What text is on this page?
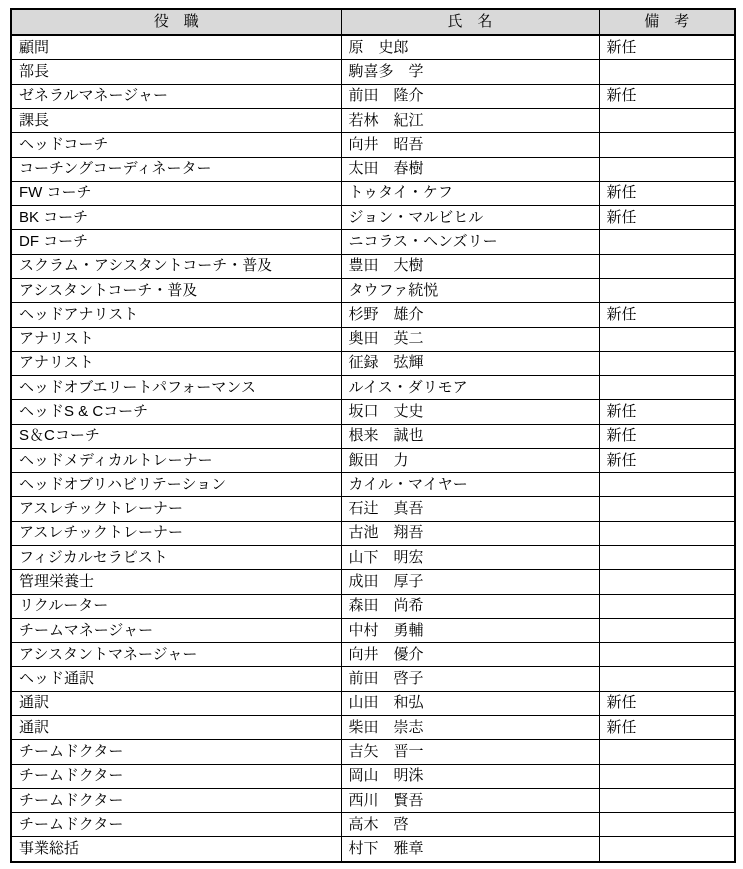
役　職	氏　名	備　考
顧問	原　史郎	新任
部長	駒喜多　学	
ゼネラルマネージャー	前田　隆介	新任
課長	若林　紀江	
ヘッドコーチ	向井　昭吾	
コーチングコーディネーター	太田　春樹	
FW コーチ	トゥタイ・ケフ	新任
BK コーチ	ジョン・マルビヒル	新任
DF コーチ	ニコラス・ヘンズリー	
スクラム・アシスタントコーチ・普及	豊田　大樹	
アシスタントコーチ・普及	タウファ統悦	
ヘッドアナリスト	杉野　雄介	新任
アナリスト	奥田　英二	
アナリスト	征録　弦輝	
ヘッドオブエリートパフォーマンス	ルイス・ダリモア	
ヘッドS & Cコーチ	坂口　丈史	新任
S＆Cコーチ	根来　誠也	新任
ヘッドメディカルトレーナー	飯田　力	新任
ヘッドオブリハビリテーション	カイル・マイヤー	
アスレチックトレーナー	石辻　真吾	
アスレチックトレーナー	古池　翔吾	
フィジカルセラピスト	山下　明宏	
管理栄養士	成田　厚子	
リクルーター	森田　尚希	
チームマネージャー	中村　勇輔	
アシスタントマネージャー	向井　優介	
ヘッド通訳	前田　啓子	
通訳	山田　和弘	新任
通訳	柴田　崇志	新任
チームドクター	吉矢　晋一	
チームドクター	岡山　明洙	
チームドクター	西川　賢吾	
チームドクター	高木　啓	
事業総括	村下　雅章	
